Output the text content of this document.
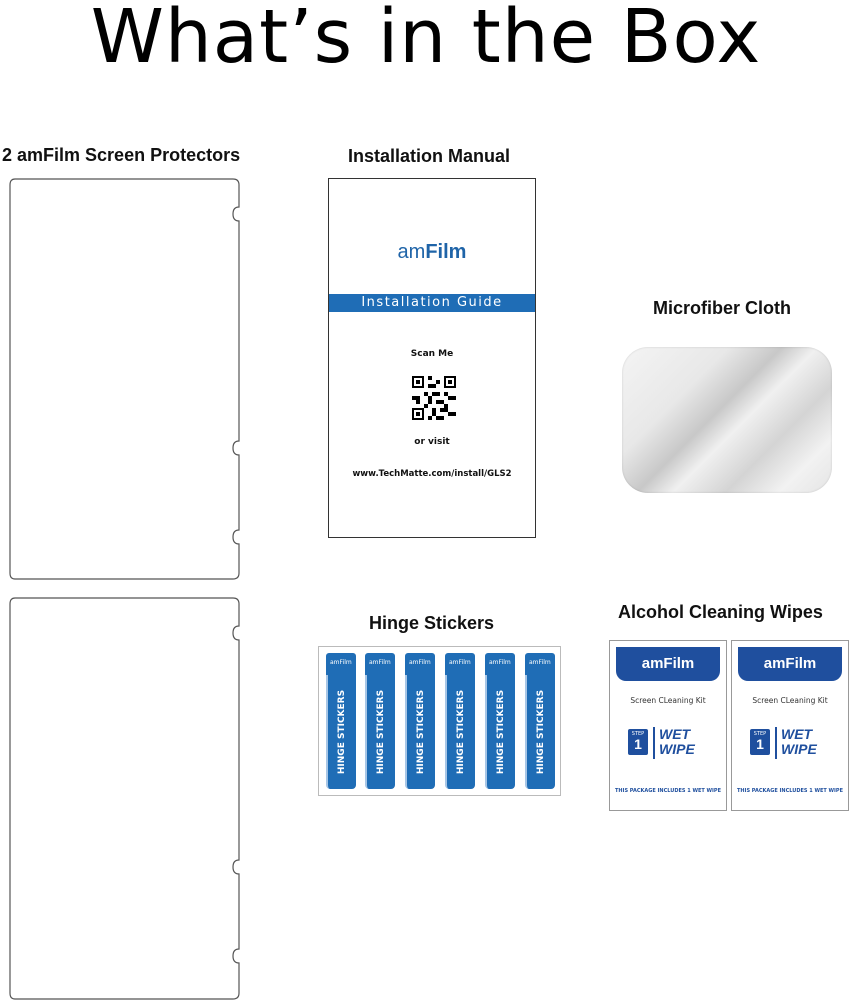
What’s in the Box
2 amFilm Screen Protectors	Installation Manual
Microfiber Cloth
Hinge Stickers
Alcohol Cleaning Wipes
amFilm
Installation Guide
Scan Me
or visit
www.TechMatte.com/install/GLS2
amFilm
HINGE STICKERS
amFilm
HINGE STICKERS
amFilm
HINGE STICKERS
amFilm
HINGE STICKERS
amFilm
HINGE STICKERS
amFilm
HINGE STICKERS
amFilm
Screen CLeaning Kit
STEP
1
WET
WIPE
THIS PACKAGE INCLUDES 1 WET WIPE
amFilm
Screen CLeaning Kit
STEP
1
WET
WIPE
THIS PACKAGE INCLUDES 1 WET WIPE
